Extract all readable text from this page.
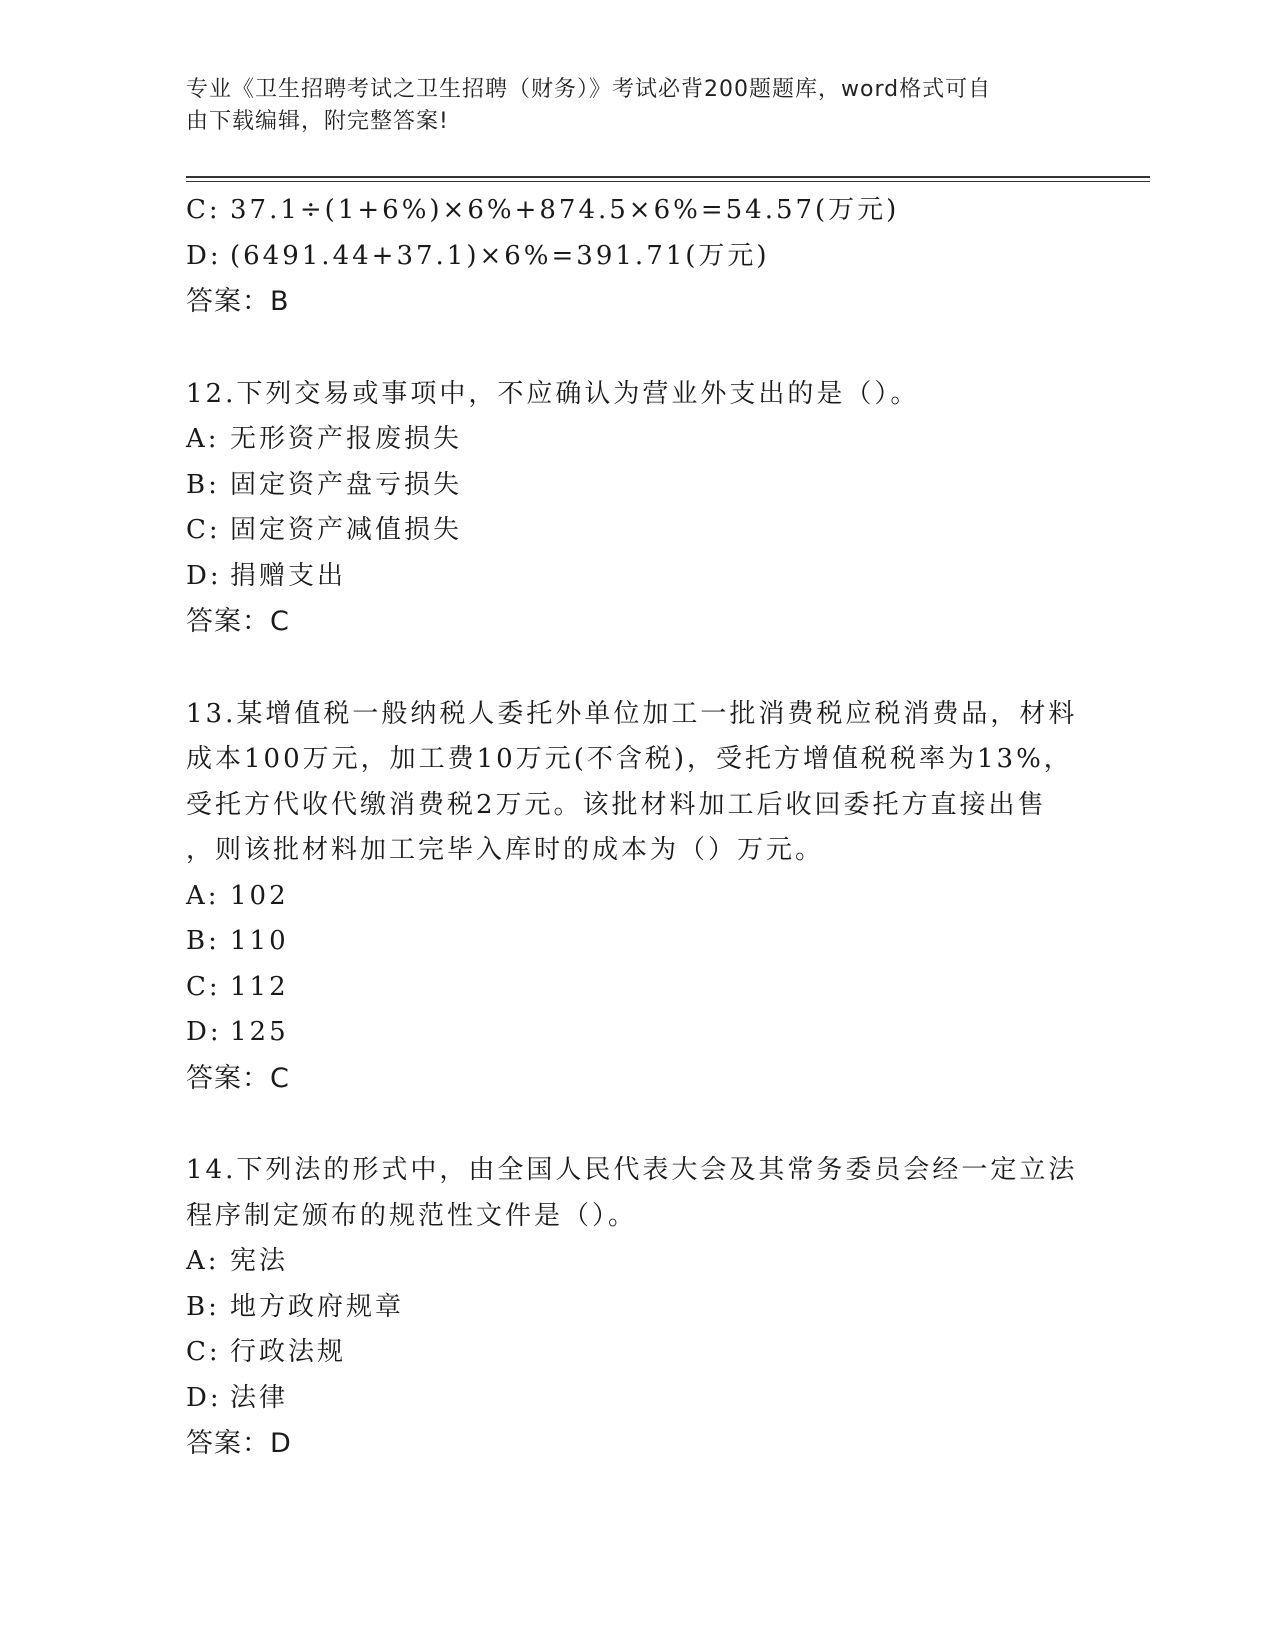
专业《卫生招聘考试之卫生招聘（财务）》考试必背200题题库，word格式可自
由下载编辑，附完整答案!
C: 37.1÷(1+6%)×6%+874.5×6%=54.57(万元)
D: (6491.44+37.1)×6%=391.71(万元)
答案：B
12.下列交易或事项中，不应确认为营业外支出的是（）。
A: 无形资产报废损失
B: 固定资产盘亏损失
C: 固定资产减值损失
D: 捐赠支出
答案：C
13.某增值税一般纳税人委托外单位加工一批消费税应税消费品，材料
成本100万元，加工费10万元(不含税)，受托方增值税税率为13%，
受托方代收代缴消费税2万元。该批材料加工后收回委托方直接出售
，则该批材料加工完毕入库时的成本为（）万元。
A: 102
B: 110
C: 112
D: 125
答案：C
14.下列法的形式中，由全国人民代表大会及其常务委员会经一定立法
程序制定颁布的规范性文件是（）。
A: 宪法
B: 地方政府规章
C: 行政法规
D: 法律
答案：D
